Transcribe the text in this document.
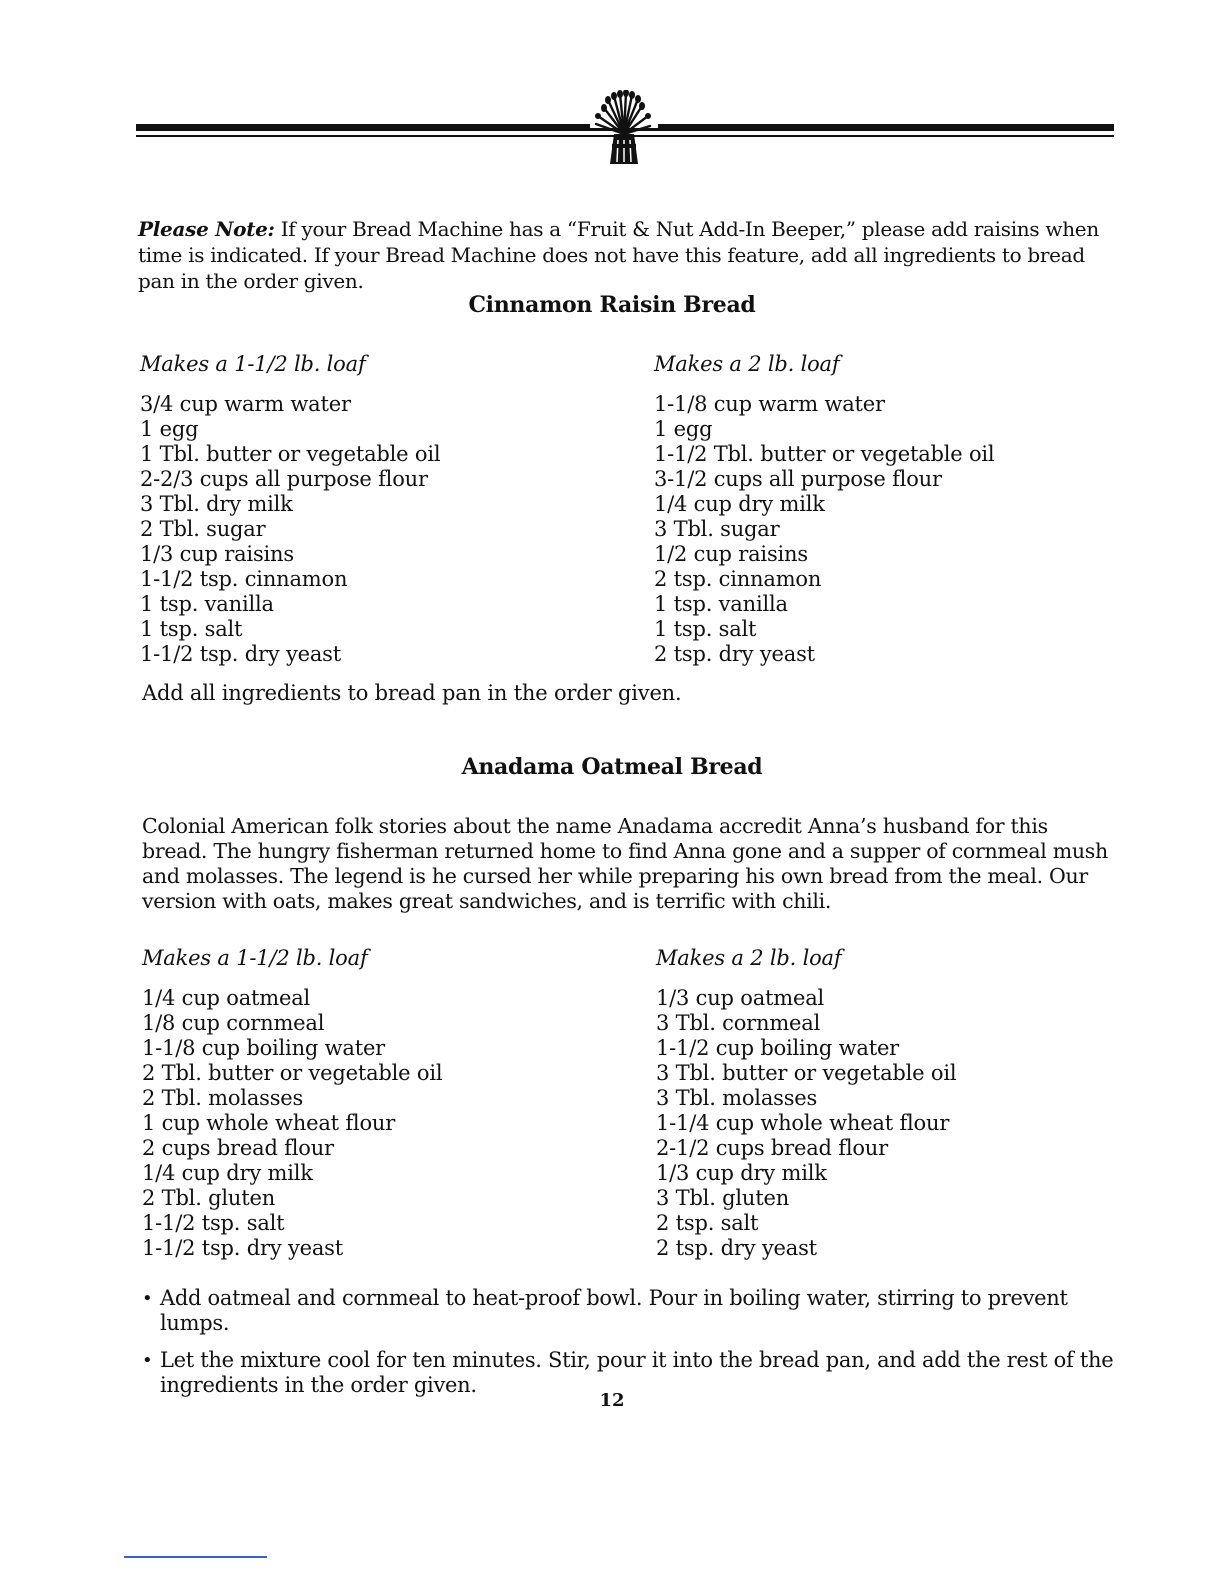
Please Note: If your Bread Machine has a “Fruit & Nut Add-In Beeper,” please add raisins when time is indicated. If your Bread Machine does not have this feature, add all ingredients to bread pan in the order given.
Cinnamon Raisin Bread
Makes a 1-1/2 lb. loaf
3/4 cup warm water
1 egg
1 Tbl. butter or vegetable oil
2-2/3 cups all purpose flour
3 Tbl. dry milk
2 Tbl. sugar
1/3 cup raisins
1-1/2 tsp. cinnamon
1 tsp. vanilla
1 tsp. salt
1-1/2 tsp. dry yeast
Makes a 2 lb. loaf
1-1/8 cup warm water
1 egg
1-1/2 Tbl. butter or vegetable oil
3-1/2 cups all purpose flour
1/4 cup dry milk
3 Tbl. sugar
1/2 cup raisins
2 tsp. cinnamon
1 tsp. vanilla
1 tsp. salt
2 tsp. dry yeast
Add all ingredients to bread pan in the order given.
Anadama Oatmeal Bread
Colonial American folk stories about the name Anadama accredit Anna’s husband for this bread. The hungry fisherman returned home to find Anna gone and a supper of cornmeal mush and molasses. The legend is he cursed her while preparing his own bread from the meal. Our version with oats, makes great sandwiches, and is terrific with chili.
Makes a 1-1/2 lb. loaf
1/4 cup oatmeal
1/8 cup cornmeal
1-1/8 cup boiling water
2 Tbl. butter or vegetable oil
2 Tbl. molasses
1 cup whole wheat flour
2 cups bread flour
1/4 cup dry milk
2 Tbl. gluten
1-1/2 tsp. salt
1-1/2 tsp. dry yeast
Makes a 2 lb. loaf
1/3 cup oatmeal
3 Tbl. cornmeal
1-1/2 cup boiling water
3 Tbl. butter or vegetable oil
3 Tbl. molasses
1-1/4 cup whole wheat flour
2-1/2 cups bread flour
1/3 cup dry milk
3 Tbl. gluten
2 tsp. salt
2 tsp. dry yeast
• Add oatmeal and cornmeal to heat-proof bowl. Pour in boiling water, stirring to prevent lumps.
• Let the mixture cool for ten minutes. Stir, pour it into the bread pan, and add the rest of the ingredients in the order given.
12
